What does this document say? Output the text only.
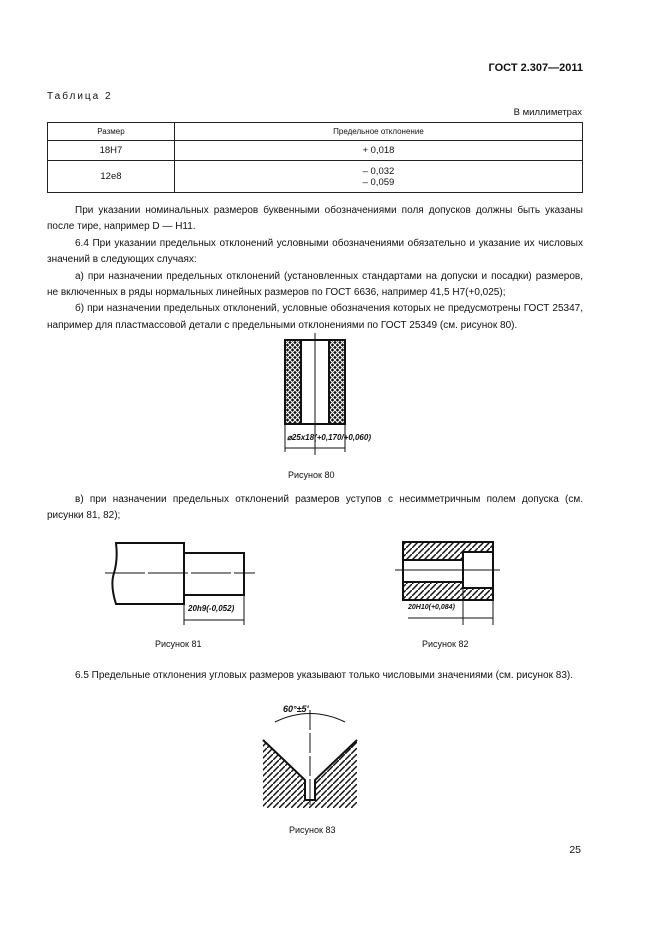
ГОСТ 2.307—2011
Таблица 2
В миллиметрах
Размер	Предельное отклонение
18H7	+ 0,018
12e8	– 0,032
– 0,059
При указании номинальных размеров буквенными обозначениями поля допусков должны быть указаны после тире, например D — H11.
6.4 При указании предельных отклонений условными обозначениями обязательно и указание их числовых значений в следующих случаях:
а) при назначении предельных отклонений (установленных стандартами на допуски и посадки) размеров, не включенных в ряды нормальных линейных размеров по ГОСТ 6636, например 41,5 H7(+0,025);
б) при назначении предельных отклонений, условные обозначения которых не предусмотрены ГОСТ 25347, например для пластмассовой детали с предельными отклонениями по ГОСТ 25349 (см. рисунок 80).
⌀25x18(+0,170/+0,060)
Рисунок 80
в) при назначении предельных отклонений размеров уступов с несимметричным полем допуска (см. рисунки 81, 82);
20h9(-0,052)	20H10(+0,084)
Рисунок 81	Рисунок 82
6.5 Предельные отклонения угловых размеров указывают только числовыми значениями (см. рисунок 83).
60°±5'
Рисунок 83
25
